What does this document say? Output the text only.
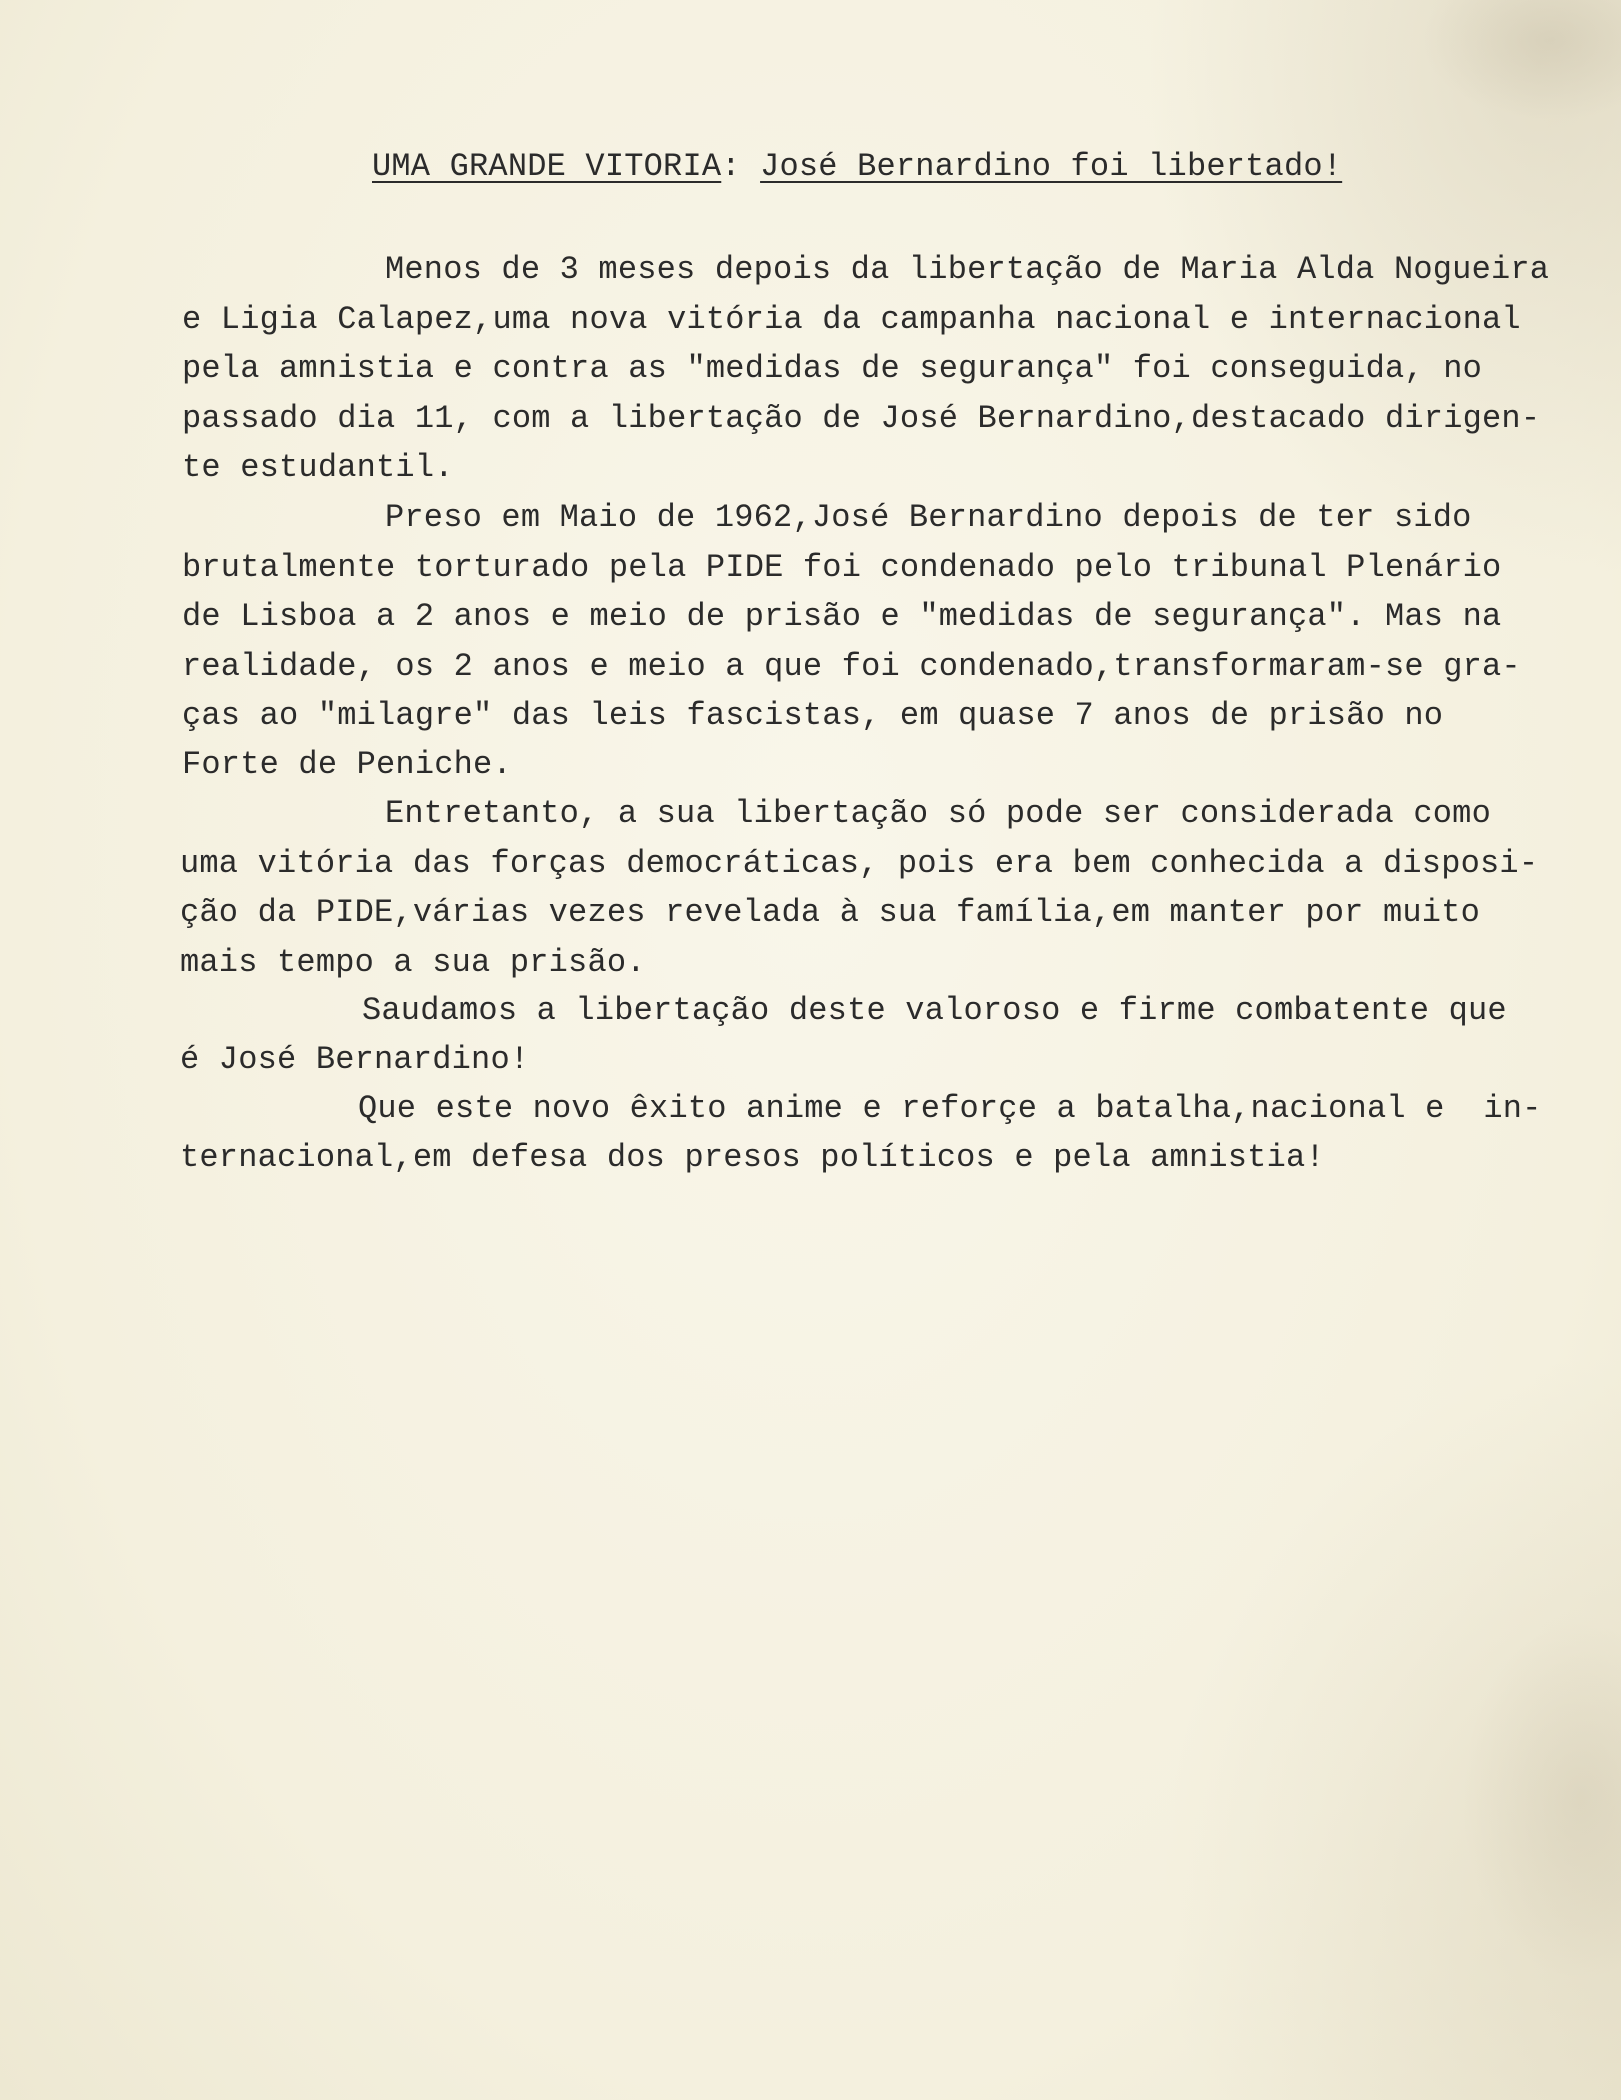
UMA GRANDE VITORIA: José Bernardino foi libertado!
Menos de 3 meses depois da libertação de Maria Alda Nogueira
e Ligia Calapez,uma nova vitória da campanha nacional e internacional
pela amnistia e contra as "medidas de segurança" foi conseguida, no
passado dia 11, com a libertação de José Bernardino,destacado dirigen-
te estudantil.
Preso em Maio de 1962,José Bernardino depois de ter sido
brutalmente torturado pela PIDE foi condenado pelo tribunal Plenário
de Lisboa a 2 anos e meio de prisão e "medidas de segurança". Mas na
realidade, os 2 anos e meio a que foi condenado,transformaram-se gra-
ças ao "milagre" das leis fascistas, em quase 7 anos de prisão no
Forte de Peniche.
Entretanto, a sua libertação só pode ser considerada como
uma vitória das forças democráticas, pois era bem conhecida a disposi-
ção da PIDE,várias vezes revelada à sua família,em manter por muito
mais tempo a sua prisão.
Saudamos a libertação deste valoroso e firme combatente que
é José Bernardino!
Que este novo êxito anime e reforçe a batalha,nacional e  in-
ternacional,em defesa dos presos políticos e pela amnistia!
